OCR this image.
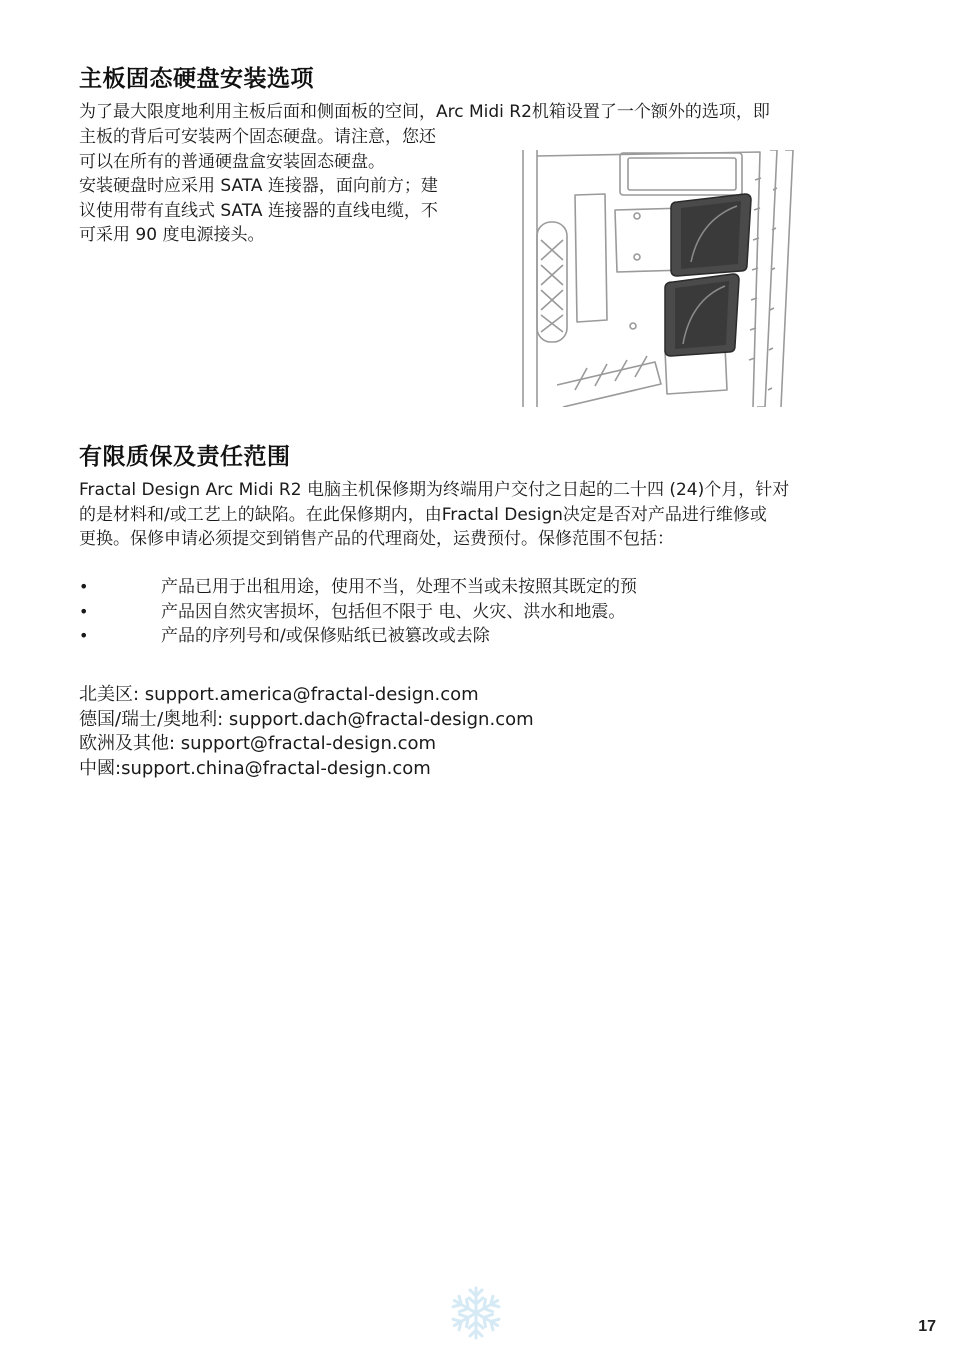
主板固态硬盘安装选项

为了最大限度地利用主板后面和侧面板的空间，Arc Midi R2机箱设置了一个额外的选项，即

主板的背后可安装两个固态硬盘。请注意，您还
可以在所有的普通硬盘盒安装固态硬盘。
安装硬盘时应采用 SATA 连接器，面向前方；建
议使用带有直线式 SATA 连接器的直线电缆，不
可采用 90 度电源接头。

有限质保及责任范围

Fractal Design Arc Midi R2 电脑主机保修期为终端用户交付之日起的二十四 (24)个月，针对
的是材料和/或工艺上的缺陷。在此保修期内，由Fractal Design决定是否对产品进行维修或
更换。保修申请必须提交到销售产品的代理商处，运费预付。保修范围不包括：

•	产品已用于出租用途，使用不当，处理不当或未按照其既定的预
•	产品因自然灾害损坏，包括但不限于 电、火灾、洪水和地震。
•	产品的序列号和/或保修贴纸已被篡改或去除
北美区: support.america@fractal-design.com
德国/瑞士/奥地利: support.dach@fractal-design.com
欧洲及其他: support@fractal-design.com
中國:support.china@fractal-design.com
17
